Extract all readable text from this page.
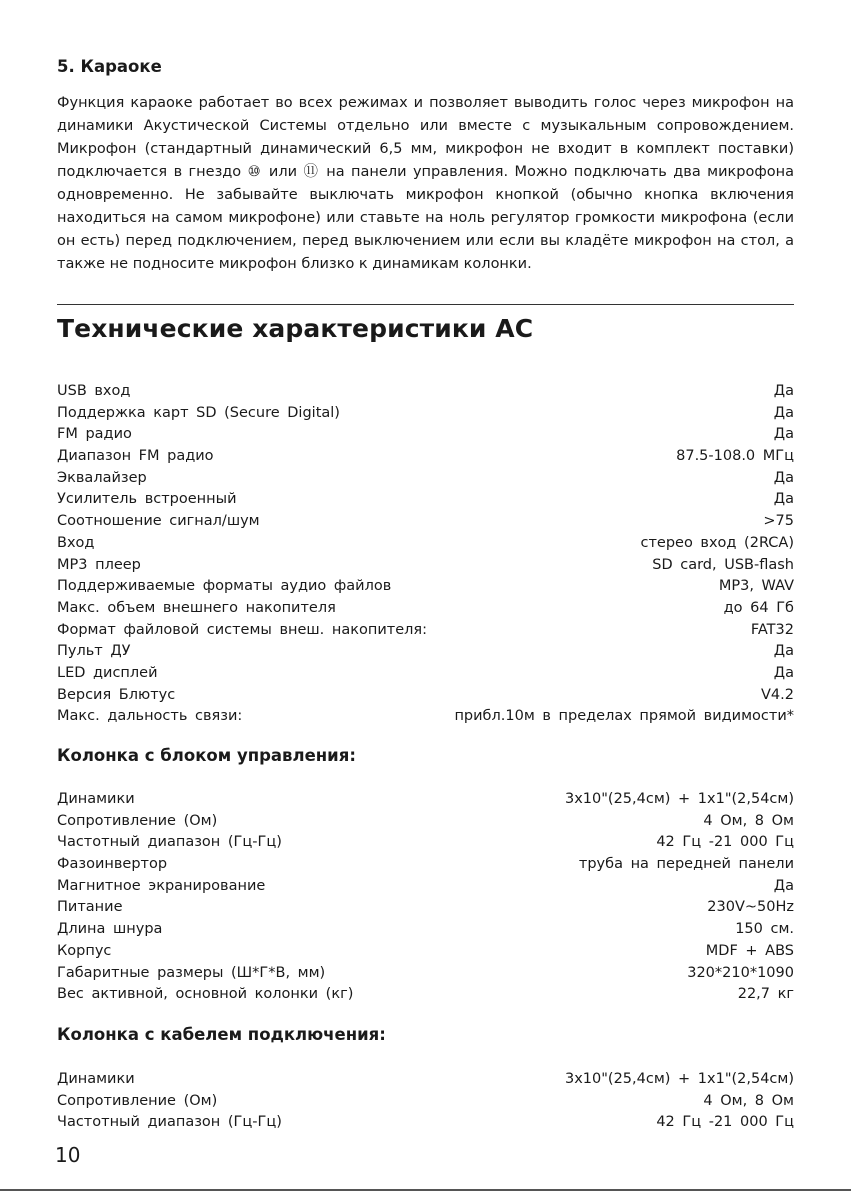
5. Караоке
Функция караоке работает во всех режимах и позволяет выводить голос через микрофон на динамики Акустической Системы отдельно или вместе с музыкальным сопровождением. Микрофон (стандартный динамический 6,5 мм, микрофон не входит в комплект поставки) подключается в гнездо ⑩ или ⑪ на панели управления. Можно подключать два микрофона одновременно. Не забывайте выключать микрофон кнопкой (обычно кнопка включения находиться на самом микрофоне) или ставьте на ноль регулятор громкости микрофона (если он есть) перед подключением, перед выключением или если вы кладёте микрофон на стол, а также не подносите микрофон близко к динамикам колонки.
Технические характеристики АС
USB вход	Да
Поддержка карт SD (Secure Digital)	Да
FM радио	Да
Диапазон FM радио	87.5-108.0 МГц
Эквалайзер	Да
Усилитель встроенный	Да
Соотношение сигнал/шум	>75
Вход	стерео вход (2RCA)
MP3 плеер	SD card, USB-flash
Поддерживаемые форматы аудио файлов	MP3, WAV
Макс. объем внешнего накопителя	до 64 Гб
Формат файловой системы внеш. накопителя:	FAT32
Пульт ДУ	Да
LED дисплей	Да
Версия Блютус	V4.2
Макс. дальность связи:	прибл.10м в пределах прямой видимости*
Колонка с блоком управления:
Динамики	3x10"(25,4см) + 1x1"(2,54см)
Сопротивление (Ом)	4 Ом, 8 Ом
Частотный диапазон (Гц-Гц)	42 Гц -21 000 Гц
Фазоинвертор	труба на передней панели
Магнитное экранирование	Да
Питание	230V~50Hz
Длина шнура	150 см.
Корпус	MDF + ABS
Габаритные размеры (Ш*Г*В, мм)	320*210*1090
Вес активной, основной колонки (кг)	22,7 кг
Колонка с кабелем подключения:
Динамики	3x10"(25,4см) + 1x1"(2,54см)
Сопротивление (Ом)	4 Ом, 8 Ом
Частотный диапазон (Гц-Гц)	42 Гц -21 000 Гц
10
